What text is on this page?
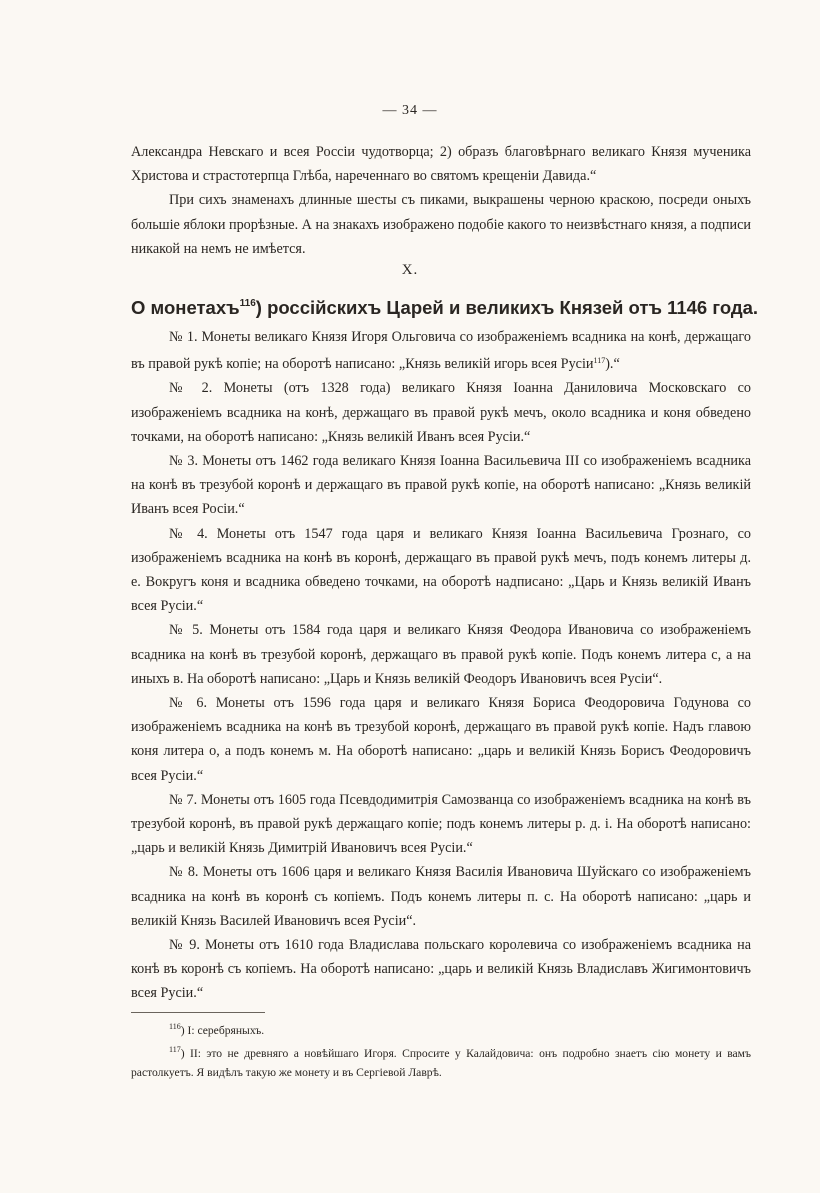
— 34 —

Александра Невскаго и всея Россіи чудотворца; 2) образъ благовѣрнаго великаго Князя мученика Христова и страстотерпца Глѣба, нареченнаго во святомъ крещеніи Давида.“

При сихъ знаменахъ длинные шесты съ пиками, выкрашены черною краскою, посреди оныхъ большіе яблоки прорѣзные. А на знакахъ изображено подобіе какого то неизвѣстнаго князя, а подписи никакой на немъ не имѣется.

X.
О монетахъ$^{116}$) россійскихъ Царей и великихъ Князей отъ 1146 года.

№ 1. Монеты великаго Князя Игоря Ольговича со изображеніемъ всадника на конѣ, держащаго въ правой рукѣ копіе; на оборотѣ написано: „Князь великій игорь всея Русіи$^{117}$).“

№ 2. Монеты (отъ 1328 года) великаго Князя Іоанна Даниловича Московскаго со изображеніемъ всадника на конѣ, держащаго въ правой рукѣ мечъ, около всадника и коня обведено точками, на оборотѣ написано: „Князь великій Иванъ всея Русіи.“

№ 3. Монеты отъ 1462 года великаго Князя Іоанна Васильевича III со изображеніемъ всадника на конѣ въ трезубой коронѣ и держащаго въ правой рукѣ копіе, на оборотѣ написано: „Князь великій Иванъ всея Росіи.“

№ 4. Монеты отъ 1547 года царя и великаго Князя Іоанна Васильевича Грознаго, со изображеніемъ всадника на конѣ въ коронѣ, держащаго въ правой рукѣ мечъ, подъ конемъ литеры д. е. Вокругъ коня и всадника обведено точками, на оборотѣ надписано: „Царь и Князь великій Иванъ всея Русіи.“

№ 5. Монеты отъ 1584 года царя и великаго Князя Феодора Ивановича со изображеніемъ всадника на конѣ въ трезубой коронѣ, держащаго въ правой рукѣ копіе. Подъ конемъ литера с, а на иныхъ в. На оборотѣ написано: „Царь и Князь великій Феодоръ Ивановичъ всея Русіи“.

№ 6. Монеты отъ 1596 года царя и великаго Князя Бориса Феодоровича Годунова со изображеніемъ всадника на конѣ въ трезубой коронѣ, держащаго въ правой рукѣ копіе. Надъ главою коня литера о, а подъ конемъ м. На оборотѣ написано: „царь и великій Князь Борисъ Феодоровичъ всея Русіи.“

№ 7. Монеты отъ 1605 года Псевдодимитрія Самозванца со изображеніемъ всадника на конѣ въ трезубой коронѣ, въ правой рукѣ держащаго копіе; подъ конемъ литеры р. д. і. На оборотѣ написано: „царь и великій Князь Димитрій Ивановичъ всея Русіи.“

№ 8. Монеты отъ 1606 царя и великаго Князя Василія Ивановича Шуйскаго со изображеніемъ всадника на конѣ въ коронѣ съ копіемъ. Подъ конемъ литеры п. с. На оборотѣ написано: „царь и великій Князь Василей Ивановичъ всея Русіи“.

№ 9. Монеты отъ 1610 года Владислава польскаго королевича со изображеніемъ всадника на конѣ въ коронѣ съ копіемъ. На оборотѣ написано: „царь и великій Князь Владиславъ Жигимонтовичъ всея Русіи.“

$^{116}$) I: серебряныхъ.

$^{117}$) II: это не древняго а новѣйшаго Игоря. Спросите у Калайдовича: онъ подробно знаетъ сію монету и вамъ растолкуетъ. Я видѣлъ такую же монету и въ Сергіевой Лаврѣ.
